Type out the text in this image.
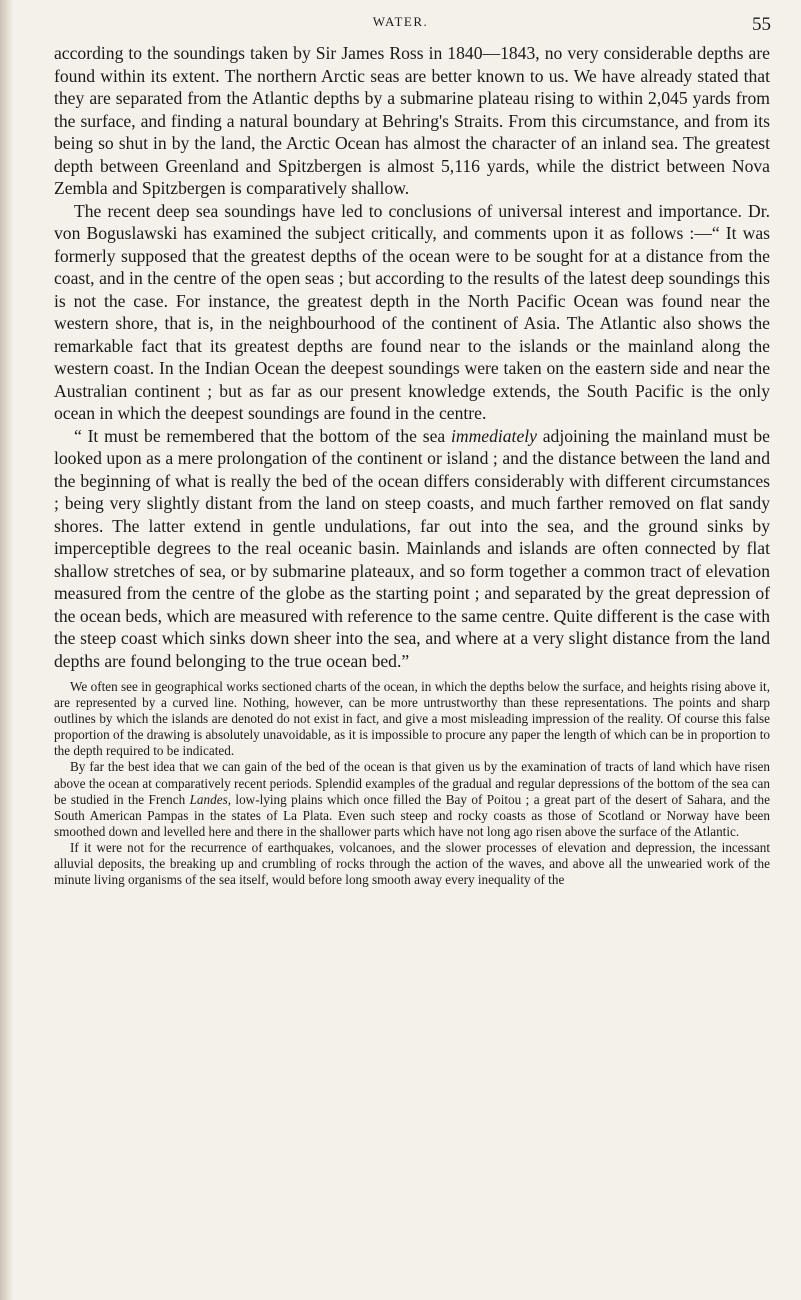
WATER.	55

according to the soundings taken by Sir James Ross in 1840—1843, no very considerable depths are found within its extent. The northern Arctic seas are better known to us. We have already stated that they are separated from the Atlantic depths by a submarine plateau rising to within 2,045 yards from the surface, and finding a natural boundary at Behring's Straits. From this circumstance, and from its being so shut in by the land, the Arctic Ocean has almost the character of an inland sea. The greatest depth between Greenland and Spitzbergen is almost 5,116 yards, while the district between Nova Zembla and Spitzbergen is comparatively shallow.

The recent deep sea soundings have led to conclusions of universal interest and importance. Dr. von Boguslawski has examined the subject critically, and comments upon it as follows :—“ It was formerly supposed that the greatest depths of the ocean were to be sought for at a distance from the coast, and in the centre of the open seas ; but according to the results of the latest deep soundings this is not the case. For instance, the greatest depth in the North Pacific Ocean was found near the western shore, that is, in the neighbourhood of the continent of Asia. The Atlantic also shows the remarkable fact that its greatest depths are found near to the islands or the mainland along the western coast. In the Indian Ocean the deepest soundings were taken on the eastern side and near the Australian continent ; but as far as our present knowledge extends, the South Pacific is the only ocean in which the deepest soundings are found in the centre.

“ It must be remembered that the bottom of the sea immediately adjoining the mainland must be looked upon as a mere prolongation of the continent or island ; and the distance between the land and the beginning of what is really the bed of the ocean differs considerably with different circumstances ; being very slightly distant from the land on steep coasts, and much farther removed on flat sandy shores. The latter extend in gentle undulations, far out into the sea, and the ground sinks by imperceptible degrees to the real oceanic basin. Mainlands and islands are often connected by flat shallow stretches of sea, or by submarine plateaux, and so form together a common tract of elevation measured from the centre of the globe as the starting point ; and separated by the great depression of the ocean beds, which are measured with reference to the same centre. Quite different is the case with the steep coast which sinks down sheer into the sea, and where at a very slight distance from the land depths are found belonging to the true ocean bed.”

We often see in geographical works sectioned charts of the ocean, in which the depths below the surface, and heights rising above it, are represented by a curved line. Nothing, however, can be more untrustworthy than these representations. The points and sharp outlines by which the islands are denoted do not exist in fact, and give a most misleading impression of the reality. Of course this false proportion of the drawing is absolutely unavoidable, as it is impossible to procure any paper the length of which can be in proportion to the depth required to be indicated.

By far the best idea that we can gain of the bed of the ocean is that given us by the examination of tracts of land which have risen above the ocean at comparatively recent periods. Splendid examples of the gradual and regular depressions of the bottom of the sea can be studied in the French Landes, low-lying plains which once filled the Bay of Poitou ; a great part of the desert of Sahara, and the South American Pampas in the states of La Plata. Even such steep and rocky coasts as those of Scotland or Norway have been smoothed down and levelled here and there in the shallower parts which have not long ago risen above the surface of the Atlantic.

If it were not for the recurrence of earthquakes, volcanoes, and the slower processes of elevation and depression, the incessant alluvial deposits, the breaking up and crumbling of rocks through the action of the waves, and above all the unwearied work of the minute living organisms of the sea itself, would before long smooth away every inequality of the
